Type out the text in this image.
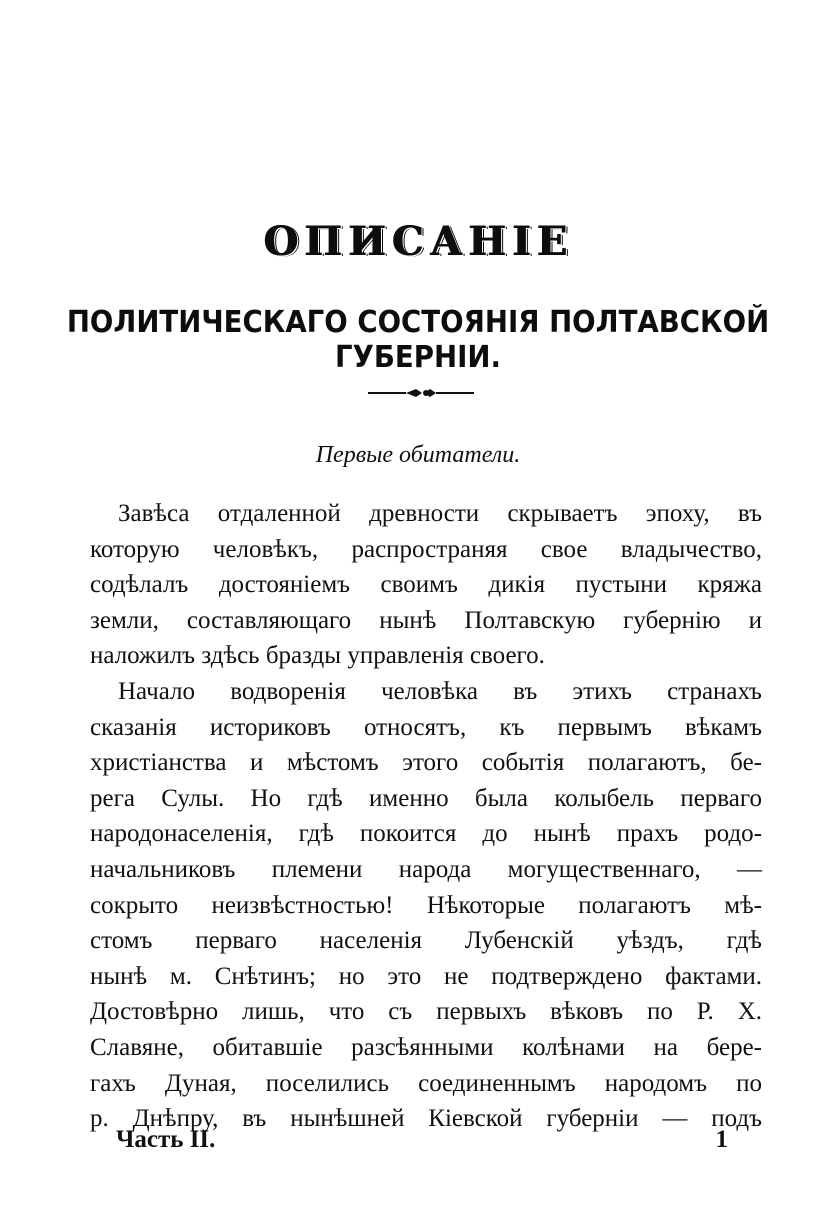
ОПИСАНІЕ
ПОЛИТИЧЕСКАГО СОСТОЯНІЯ ПОЛТАВСКОЙ ГУБЕРНІИ.
Первые обитатели.
Завѣса отдаленной древности скрываетъ эпоху, въ
которую человѣкъ, распространяя свое владычество,
содѣлалъ достояніемъ своимъ дикія пустыни кряжа
земли, составляющаго нынѣ Полтавскую губернію и
наложилъ здѣсь бразды управленія своего.
Начало водворенія человѣка въ этихъ странахъ
сказанія историковъ относятъ, къ первымъ вѣкамъ
христіанства и мѣстомъ этого событія полагаютъ, бе-
рега Сулы. Но гдѣ именно была колыбель перваго
народонаселенія, гдѣ покоится до нынѣ прахъ родо-
начальниковъ племени народа могущественнаго, —
сокрыто неизвѣстностью! Нѣкоторые полагаютъ мѣ-
стомъ перваго населенія Лубенскій уѣздъ, гдѣ
нынѣ м. Снѣтинъ; но это не подтверждено фактами.
Достовѣрно лишь, что съ первыхъ вѣковъ по Р. Х.
Славяне, обитавшіе разсѣянными колѣнами на бере-
гахъ Дуная, поселились соединеннымъ народомъ по
р. Днѣпру, въ нынѣшней Кіевской губерніи — подъ
Часть II.	1
